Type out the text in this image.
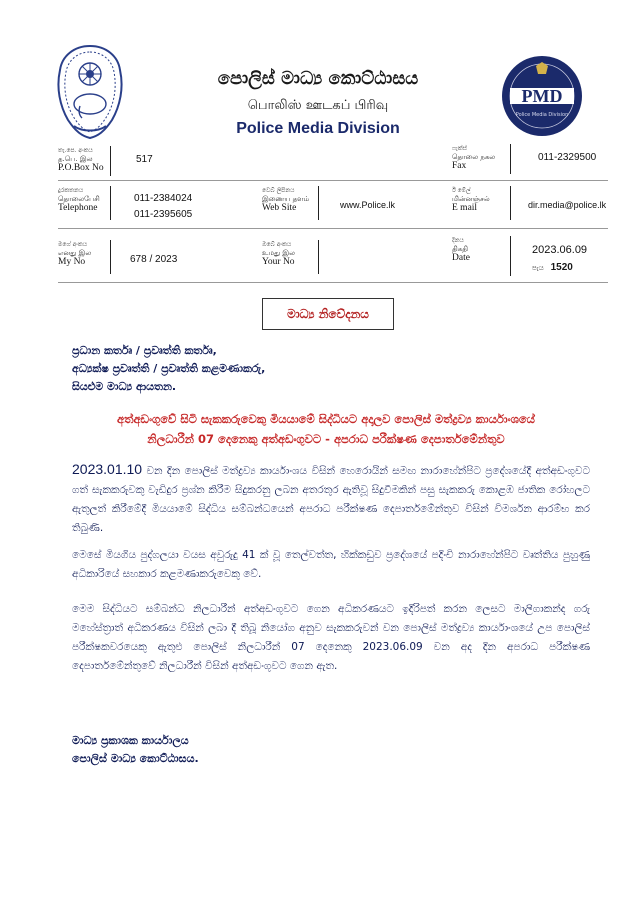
පොලිස් මාධ්‍ය කොට්ඨාසය
பொலிஸ் ஊடகப் பிரிவு
Police Media Division
PMD
Police Media Division
තැ.පෙ. අංකය
த.பெ. இல
P.O.Box No
517
ෆැක්ස්
தொலை நகல
Fax
011-2329500
දුරකතනය
தொலைபேசி
Telephone
011-2384024
011-2395605
වෙබ් ලිපිනය
இணைய தளம்
Web Site	www.Police.lk
ඊ මේල්
மின்னஞ்சல்
E mail	dir.media@police.lk
මගේ අංකය
எனது இல
My No	678 / 2023
ඔබේ අංකය
உமது இல
Your No
දිනය
திகதி
Date
2023.06.09
පැය 1520
මාධ්‍ය නිවේදනය
ප්‍රධාන කර්තෘ / ප්‍රවෘත්ති කර්තෘ,
අධ්‍යක්ෂ ප්‍රවෘත්ති / ප්‍රවෘත්ති කළමණාකරු,
සියළුම මාධ්‍ය ආයතන.
අත්අඩංගුවේ සිටි සැකකරුවෙකු මියයාමේ සිද්ධියට අදාලව පොලිස් මත්ද්‍රව්‍ය කාර්යාංශයේ
නිලධාරීන් 07 දෙනෙකු අත්අඩංගුවට - අපරාධ පරීක්ෂණ දෙපාර්තමේන්තුව
2023.01.10 වන දින පොලිස් මත්ද්‍රව්‍ය කාර්යාංශය විසින් හෙරොයින් සමඟ නාරාහේන්පිට ප්‍රදේශයේදී අත්අඩංගුවට ගත් සැකකරුවකු වැඩිදුර ප්‍රශ්න කිරීම සිදුකරනු ලබන අතරතුර ඇතිවූ සිදුවීමකින් පසු සැකකරු කොළඹ ජාතික රෝහලට ඇතුලත් කිරීමේදී මියයාමේ සිද්ධිය සම්බන්ධයෙන් අපරාධ පරීක්ෂණ දෙපාර්තමේන්තුව විසින් විමර්ශන ආරම්භ කර තිබුණි.
මෙසේ මියගිය පුද්ගලයා වයස අවුරුදු 41 ක් වූ තෙල්වත්ත, හික්කඩුව ප්‍රදේශයේ පදිංචි නාරාහේන්පිට වෘත්තිය පුහුණු අධිකාරියේ සහකාර කළමණාකරුවෙකු වේ.
මෙම සිද්ධියට සම්බන්ධ නිලධාරීන් අත්අඩංගුවට ගෙන අධිකරණයට ඉදිරිපත් කරන ලෙසට මාලිගාකන්ද ගරු මහේස්ත්‍රාත් අධිකරණය විසින් ලබා දී තිබූ නියෝග අනුව සැකකරුවන් වන පොලිස් මත්ද්‍රව්‍ය කාර්යාංශයේ උප පොලිස් පරීක්ෂකවරයෙකු ඇතුළු පොලිස් නිලධාරීන් 07 දෙනෙකු 2023.06.09 වන අද දින අපරාධ පරීක්ෂණ දෙපාර්තමේන්තුවේ නිලධාරීන් විසින් අත්අඩංගුවට ගෙන ඇත.
මාධ්‍ය ප්‍රකාශක කාර්යාලය
පොලිස් මාධ්‍ය කොට්ඨාසය.
